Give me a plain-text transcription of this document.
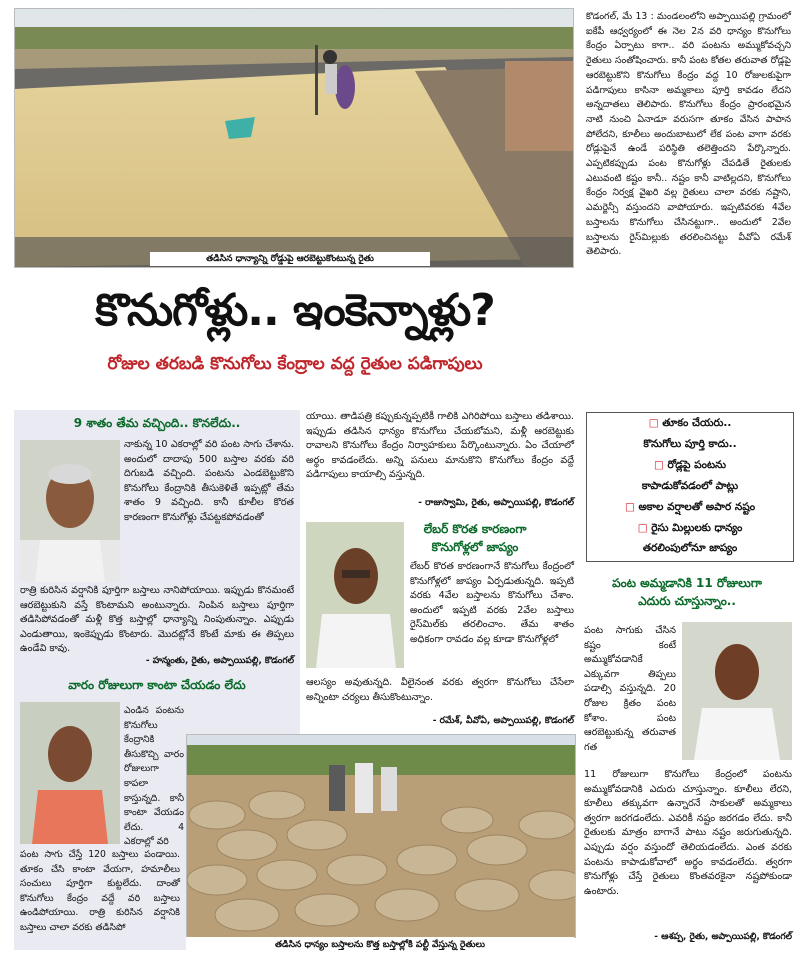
తడిసిన ధాన్యాన్ని రోడ్డుపై ఆరబెట్టుకొంటున్న రైతు
కొనుగోళ్లు.. ఇంకెన్నాళ్లు?
రోజుల తరబడి కొనుగోలు కేంద్రాల వద్ద రైతుల పడిగాపులు
కొడంగల్, మే 13 : మండలంలోని అప్పాయిపల్లి గ్రామంలో ఐకేపీ ఆధ్వర్యంలో ఈ నెల 2న వరి ధాన్యం కొనుగోలు కేంద్రం ఏర్పాటు కాగా.. వరి పంటను అమ్ముకోవచ్చని రైతులు సంతోషించారు. కానీ పంట కోతల తరువాత రోడ్లపై ఆరబెట్టుకొని కొనుగోలు కేంద్రం వద్ద 10 రోజులకుపైగా పడిగాపులు కాసినా అమ్మకాలు పూర్తి కావడం లేదని అన్నదాతలు తెలిపారు. కొనుగోలు కేంద్రం ప్రారంభమైన నాటి నుంచి ఏనాడూ వరుసగా తూకం వేసిన పాపాన పోలేదని, కూలీలు అందుబాటులో లేక పంట వాగా వరకు రోడ్లుపైనే ఉండే పరిస్థితి తలెత్తిందని పేర్కొన్నారు. ఎప్పటికప్పుడు పంట కొనుగోళ్లు చేపడితే రైతులకు ఎటువంటి కష్టం కానీ.. నష్టం కానీ వాటిల్లదని, కొనుగోలు కేంద్రం నిర్వక్ష వైఖరి వల్ల రైతులు చాలా వరకు నష్టాని, ఎమర్జెన్సీ వస్తుందని వాపోయారు. ఇప్పటివరకు 4వేల బస్తాలను కొనుగోలు చేసినట్టుగా.. అందులో 2వేల బస్తాలను రైస్‌మిల్లుకు తరలించినట్టు వీవోఏ రమేశ్ తెలిపారు.
□ తూకం చేయరు..
కొనుగోలు పూర్తి కాదు..
□ రోడ్లపై పంటను
కాపాడుకోవడంలో పాట్లు
□ అకాల వర్షాలతో అపార నష్టం
□ రైసు మిల్లులకు ధాన్యం
తరలింపులోనూ జాప్యం
9 శాతం తేమ వచ్చింది.. కొనలేదు..
నాకున్న 10 ఎకరాల్లో వరి పంట సాగు చేశాను. అందులో దాదాపు 500 బస్తాల వరకు వరి దిగుబడి వచ్చింది. పంటను ఎండబెట్టుకొని కొనుగోలు కేంద్రానికి తీసుకెళితే ఇప్పట్లో తేమ శాతం 9 వచ్చింది. కానీ కూలీల కొరత కారణంగా కొనుగోళ్లు చేపట్టకపోవడంతో
రాత్రి కురిసిన వర్షానికి పూర్తిగా బస్తాలు నానిపోయాయి. ఇప్పుడు కొనమంటే ఆరబెట్టుకుని వస్తే కొంటామని అంటున్నారు. నింపిన బస్తాలు పూర్తిగా తడిసిపోవడంతో మళ్లీ కొత్త బస్తాల్లో ధాన్యాన్ని నింపుతున్నాం. ఎప్పుడు ఎండుతాయి, ఇంకెప్పుడు కొంటారు. మొదట్లోనే కొంటే మాకు ఈ తిప్పలు ఉండేవి కావు.
- హన్మంతు, రైతు, అప్పాయిపల్లి, కొడంగల్
వారం రోజులుగా కాంటా చేయడం లేదు
ఎండిన పంటను కొనుగోలు కేంద్రానికి తీసుకొచ్చి వారం రోజులుగా కాపలా కాస్తున్నది. కానీ కాంటా వేయడం లేదు. 4 ఎకరాల్లో వరి
పంట సాగు చేస్తే 120 బస్తాలు పండాయి. తూకం చేసి కాంటా వేయగా, హమాలీలు సంచులు పూర్తిగా కుట్టలేదు. దాంతో కొనుగోలు కేంద్రం వద్దే వరి బస్తాలు ఉండిపోయాయి. రాత్రి కురిసిన వర్షానికి బస్తాలు చాలా వరకు తడిసిపో
తడిసిన ధాన్యం బస్తాలను కొత్త బస్తాల్లోకి పల్టీ వేస్తున్న రైతులు
యాయి. తాడిపత్రి కప్పుకున్నప్పటికీ గాలికి ఎగిరిపోయి బస్తాలు తడిశాయి. ఇప్పుడు తడిసిన ధాన్యం కొనుగోలు చేయబోమని, మళ్లీ ఆరబెట్టుకు రావాలని కొనుగోలు కేంద్రం నిర్వాహకులు పేర్కొంటున్నారు. ఏం చేయాలో అర్థం కావడంలేదు. అన్ని పనులు మానుకొని కొనుగోలు కేంద్రం వద్దే పడిగాపులు కాయాల్సి వస్తున్నది.
- రాజుస్వామి, రైతు, అప్పాయిపల్లి, కొడంగల్
లేబర్ కొరత కారణంగా
కొనుగోళ్లలో జాప్యం
లేబర్ కొరత కారణంగానే కొనుగోలు కేంద్రంలో కొనుగోళ్లలో జాప్యం ఏర్పడుతున్నది. ఇప్పటి వరకు 4వేల బస్తాలను కొనుగోలు చేశాం. అందులో ఇప్పటి వరకు 2వేల బస్తాలు రైస్‌మిల్‌కు తరలించాం. తేమ శాతం అధికంగా రావడం వల్ల కూడా కొనుగోళ్లలో
ఆలస్యం అవుతున్నది. వీలైనంత వరకు త్వరగా కొనుగోలు చేసేలా అన్నింటా చర్యలు తీసుకొంటున్నాం.
- రమేశ్, వీవోఏ, అప్పాయిపల్లి, కొడంగల్
పంట అమ్మడానికి 11 రోజులుగా
ఎదురు చూస్తున్నాం..
పంట సాగుకు చేసిన కష్టం కంటే అమ్ముకోవడానికే ఎక్కువగా తిప్పలు పడాల్సి వస్తున్నది. 20 రోజుల క్రితం పంట కోశాం. పంట ఆరబెట్టుకున్న తరువాత గత
11 రోజులుగా కొనుగోలు కేంద్రంలో పంటను అమ్ముకోవడానికి ఎదురు చూస్తున్నాం. కూలీలు లేరని, కూలీలు తక్కువగా ఉన్నారనే సాకులతో అమ్మకాలు త్వరగా జరగడంలేదు. ఎవరికీ నష్టం జరగడం లేదు. కానీ రైతులకు మాత్రం బాగానే పాటు నష్టం జరుగుతున్నది. ఎప్పుడు వర్షం వస్తుందో తెలియడంలేదు. ఎంత వరకు పంటను కాపాడుకోవాలో అర్థం కావడంలేదు. త్వరగా కొనుగోళ్లు చేస్తే రైతులు కొంతవరకైనా నష్టపోకుండా ఉంటారు.
- ఆశప్ప, రైతు, అప్పాయిపల్లి, కొడంగల్
